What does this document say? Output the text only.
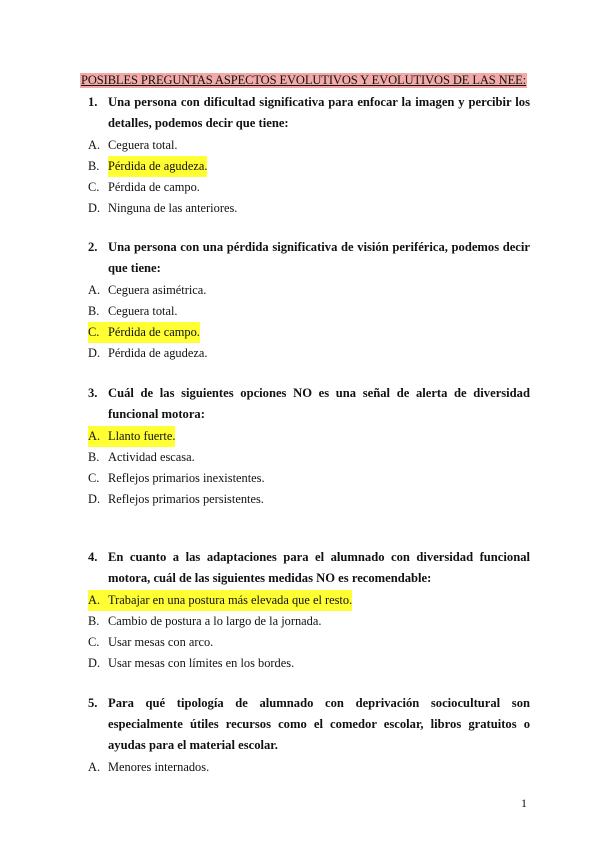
POSIBLES PREGUNTAS ASPECTOS EVOLUTIVOS Y EVOLUTIVOS DE LAS NEE:
1. Una persona con dificultad significativa para enfocar la imagen y percibir los detalles, podemos decir que tiene:
A. Ceguera total.
B. Pérdida de agudeza.
C. Pérdida de campo.
D. Ninguna de las anteriores.
2. Una persona con una pérdida significativa de visión periférica, podemos decir que tiene:
A. Ceguera asimétrica.
B. Ceguera total.
C. Pérdida de campo.
D. Pérdida de agudeza.
3. Cuál de las siguientes opciones NO es una señal de alerta de diversidad funcional motora:
A. Llanto fuerte.
B. Actividad escasa.
C. Reflejos primarios inexistentes.
D. Reflejos primarios persistentes.
4. En cuanto a las adaptaciones para el alumnado con diversidad funcional motora, cuál de las siguientes medidas NO es recomendable:
A. Trabajar en una postura más elevada que el resto.
B. Cambio de postura a lo largo de la jornada.
C. Usar mesas con arco.
D. Usar mesas con límites en los bordes.
5. Para qué tipología de alumnado con deprivación sociocultural son especialmente útiles recursos como el comedor escolar, libros gratuitos o ayudas para el material escolar.
A. Menores internados.
1
